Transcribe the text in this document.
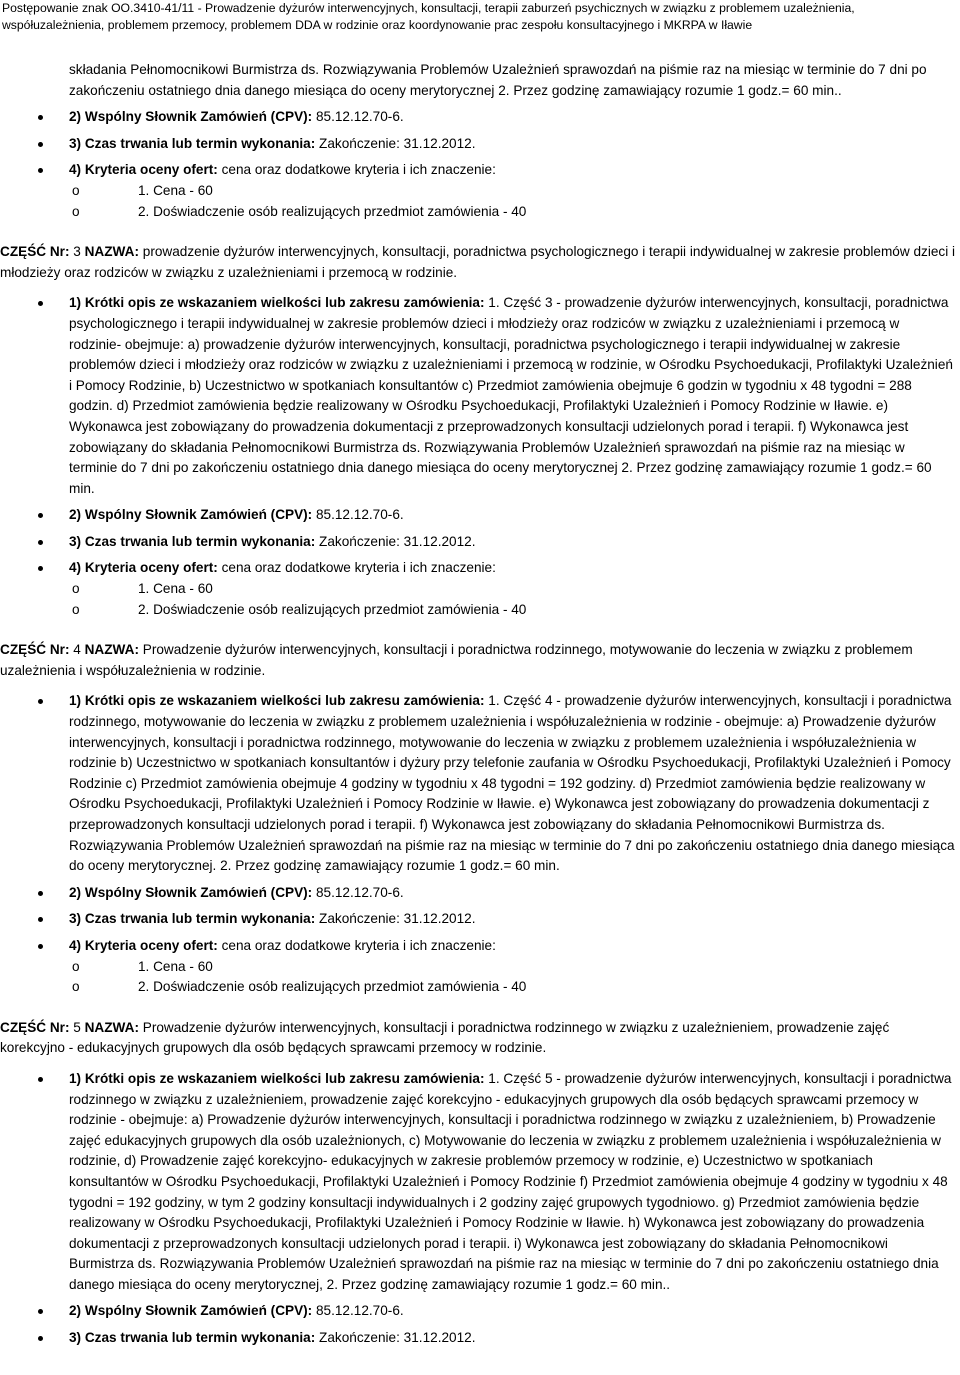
Postępowanie znak OO.3410-41/11 - Prowadzenie dyżurów interwencyjnych, konsultacji, terapii zaburzeń psychicznych w związku z problemem uzależnienia,
współuzależnienia, problemem przemocy, problemem DDA w rodzinie oraz koordynowanie prac zespołu konsultacyjnego i MKRPA w Iławie

składania Pełnomocnikowi Burmistrza ds. Rozwiązywania Problemów Uzależnień sprawozdań na piśmie raz na miesiąc w terminie do 7 dni po zakończeniu ostatniego dnia danego miesiąca do oceny merytorycznej 2. Przez godzinę zamawiający rozumie 1 godz.= 60 min..

2) Wspólny Słownik Zamówień (CPV): 85.12.12.70-6.
3) Czas trwania lub termin wykonania: Zakończenie: 31.12.2012.
4) Kryteria oceny ofert: cena oraz dodatkowe kryteria i ich znaczenie:
o	1. Cena - 60
o	2. Doświadczenie osób realizujących przedmiot zamówienia - 40

CZĘŚĆ Nr: 3 NAZWA: prowadzenie dyżurów interwencyjnych, konsultacji, poradnictwa psychologicznego i terapii indywidualnej w zakresie problemów dzieci i młodzieży oraz rodziców w związku z uzależnieniami i przemocą w rodzinie.

1) Krótki opis ze wskazaniem wielkości lub zakresu zamówienia: 1. Część 3 - prowadzenie dyżurów interwencyjnych, konsultacji, poradnictwa psychologicznego i terapii indywidualnej w zakresie problemów dzieci i młodzieży oraz rodziców w związku z uzależnieniami i przemocą w rodzinie- obejmuje: a) prowadzenie dyżurów interwencyjnych, konsultacji, poradnictwa psychologicznego i terapii indywidualnej w zakresie problemów dzieci i młodzieży oraz rodziców w związku z uzależnieniami i przemocą w rodzinie, w Ośrodku Psychoedukacji, Profilaktyki Uzależnień i Pomocy Rodzinie, b) Uczestnictwo w spotkaniach konsultantów c) Przedmiot zamówienia obejmuje 6 godzin w tygodniu x 48 tygodni = 288 godzin. d) Przedmiot zamówienia będzie realizowany w Ośrodku Psychoedukacji, Profilaktyki Uzależnień i Pomocy Rodzinie w Iławie. e) Wykonawca jest zobowiązany do prowadzenia dokumentacji z przeprowadzonych konsultacji udzielonych porad i terapii. f) Wykonawca jest zobowiązany do składania Pełnomocnikowi Burmistrza ds. Rozwiązywania Problemów Uzależnień sprawozdań na piśmie raz na miesiąc w terminie do 7 dni po zakończeniu ostatniego dnia danego miesiąca do oceny merytorycznej 2. Przez godzinę zamawiający rozumie 1 godz.= 60 min.
2) Wspólny Słownik Zamówień (CPV): 85.12.12.70-6.
3) Czas trwania lub termin wykonania: Zakończenie: 31.12.2012.
4) Kryteria oceny ofert: cena oraz dodatkowe kryteria i ich znaczenie:
o	1. Cena - 60
o	2. Doświadczenie osób realizujących przedmiot zamówienia - 40

CZĘŚĆ Nr: 4 NAZWA: Prowadzenie dyżurów interwencyjnych, konsultacji i poradnictwa rodzinnego, motywowanie do leczenia w związku z problemem uzależnienia i współuzależnienia w rodzinie.

1) Krótki opis ze wskazaniem wielkości lub zakresu zamówienia: 1. Część 4 - prowadzenie dyżurów interwencyjnych, konsultacji i poradnictwa rodzinnego, motywowanie do leczenia w związku z problemem uzależnienia i współuzależnienia w rodzinie - obejmuje: a) Prowadzenie dyżurów interwencyjnych, konsultacji i poradnictwa rodzinnego, motywowanie do leczenia w związku z problemem uzależnienia i współuzależnienia w rodzinie b) Uczestnictwo w spotkaniach konsultantów i dyżury przy telefonie zaufania w Ośrodku Psychoedukacji, Profilaktyki Uzależnień i Pomocy Rodzinie c) Przedmiot zamówienia obejmuje 4 godziny w tygodniu x 48 tygodni = 192 godziny. d) Przedmiot zamówienia będzie realizowany w Ośrodku Psychoedukacji, Profilaktyki Uzależnień i Pomocy Rodzinie w Iławie. e) Wykonawca jest zobowiązany do prowadzenia dokumentacji z przeprowadzonych konsultacji udzielonych porad i terapii. f) Wykonawca jest zobowiązany do składania Pełnomocnikowi Burmistrza ds. Rozwiązywania Problemów Uzależnień sprawozdań na piśmie raz na miesiąc w terminie do 7 dni po zakończeniu ostatniego dnia danego miesiąca do oceny merytorycznej. 2. Przez godzinę zamawiający rozumie 1 godz.= 60 min.
2) Wspólny Słownik Zamówień (CPV): 85.12.12.70-6.
3) Czas trwania lub termin wykonania: Zakończenie: 31.12.2012.
4) Kryteria oceny ofert: cena oraz dodatkowe kryteria i ich znaczenie:
o	1. Cena - 60
o	2. Doświadczenie osób realizujących przedmiot zamówienia - 40

CZĘŚĆ Nr: 5 NAZWA: Prowadzenie dyżurów interwencyjnych, konsultacji i poradnictwa rodzinnego w związku z uzależnieniem, prowadzenie zajęć korekcyjno - edukacyjnych grupowych dla osób będących sprawcami przemocy w rodzinie.

1) Krótki opis ze wskazaniem wielkości lub zakresu zamówienia: 1. Część 5 - prowadzenie dyżurów interwencyjnych, konsultacji i poradnictwa rodzinnego w związku z uzależnieniem, prowadzenie zajęć korekcyjno - edukacyjnych grupowych dla osób będących sprawcami przemocy w rodzinie - obejmuje: a) Prowadzenie dyżurów interwencyjnych, konsultacji i poradnictwa rodzinnego w związku z uzależnieniem, b) Prowadzenie zajęć edukacyjnych grupowych dla osób uzależnionych, c) Motywowanie do leczenia w związku z problemem uzależnienia i współuzależnienia w rodzinie, d) Prowadzenie zajęć korekcyjno- edukacyjnych w zakresie problemów przemocy w rodzinie, e) Uczestnictwo w spotkaniach konsultantów w Ośrodku Psychoedukacji, Profilaktyki Uzależnień i Pomocy Rodzinie f) Przedmiot zamówienia obejmuje 4 godziny w tygodniu x 48 tygodni = 192 godziny, w tym 2 godziny konsultacji indywidualnych i 2 godziny zajęć grupowych tygodniowo. g) Przedmiot zamówienia będzie realizowany w Ośrodku Psychoedukacji, Profilaktyki Uzależnień i Pomocy Rodzinie w Iławie. h) Wykonawca jest zobowiązany do prowadzenia dokumentacji z przeprowadzonych konsultacji udzielonych porad i terapii. i) Wykonawca jest zobowiązany do składania Pełnomocnikowi Burmistrza ds. Rozwiązywania Problemów Uzależnień sprawozdań na piśmie raz na miesiąc w terminie do 7 dni po zakończeniu ostatniego dnia danego miesiąca do oceny merytorycznej, 2. Przez godzinę zamawiający rozumie 1 godz.= 60 min..
2) Wspólny Słownik Zamówień (CPV): 85.12.12.70-6.
3) Czas trwania lub termin wykonania: Zakończenie: 31.12.2012.
